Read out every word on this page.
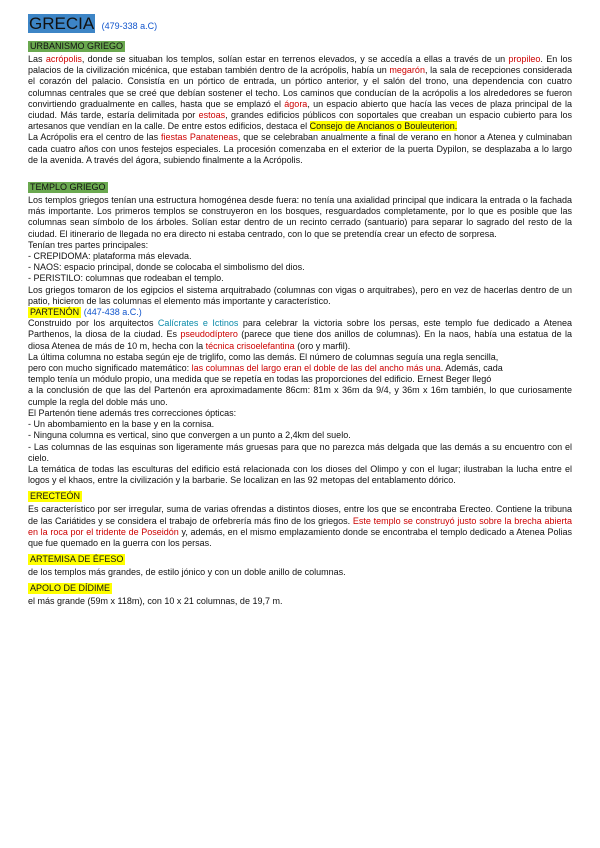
GRECIA (479-338 a.C)
URBANISMO GRIEGO

Las acrópolis, donde se situaban los templos, solían estar en terrenos elevados, y se accedía a ellas a través de un propileo. En los palacios de la civilización micénica, que estaban también dentro de la acrópolis, había un megarón, la sala de recepciones considerada el corazón del palacio. Consistía en un pórtico de entrada, un pórtico anterior, y el salón del trono, una dependencia con cuatro columnas centrales que se creé que debían sostener el techo. Los caminos que conducían de la acrópolis a los alrededores se fueron convirtiendo gradualmente en calles, hasta que se emplazó el ágora, un espacio abierto que hacía las veces de plaza principal de la ciudad. Más tarde, estaría delimitada por estoas, grandes edificios públicos con soportales que creaban un espacio cubierto para los artesanos que vendían en la calle. De entre estos edificios, destaca el Consejo de Ancianos o Bouleuterion.

La Acrópolis era el centro de las fiestas Panateneas, que se celebraban anualmente a final de verano en honor a Atenea y culminaban cada cuatro años con unos festejos especiales. La procesión comenzaba en el exterior de la puerta Dypilon, se desplazaba a lo largo de la avenida. A través del ágora, subiendo finalmente a la Acrópolis.

TEMPLO GRIEGO

Los templos griegos tenían una estructura homogénea desde fuera: no tenía una axialidad principal que indicara la entrada o la fachada más importante. Los primeros templos se construyeron en los bosques, resguardados completamente, por lo que es posible que las columnas sean símbolo de los árboles. Solían estar dentro de un recinto cerrado (santuario) para separar lo sagrado del resto de la ciudad. El itinerario de llegada no era directo ni estaba centrado, con lo que se pretendía crear un efecto de sorpresa.

Tenían tres partes principales:
- CREPIDOMA: plataforma más elevada.
- NAOS: espacio principal, donde se colocaba el simbolismo del dios.
- PERISTILO: columnas que rodeaban el templo.

Los griegos tomaron de los egipcios el sistema arquitrabado (columnas con vigas o arquitrabes), pero en vez de hacerlas dentro de un patio, hicieron de las columnas el elemento más importante y característico.

PARTENÓN (447-438 a.C.)

Construido por los arquitectos Calícrates e Ictinos para celebrar la victoria sobre los persas, este templo fue dedicado a Atenea Parthenos, la diosa de la ciudad. Es pseudodíptero (parece que tiene dos anillos de columnas). En la naos, había una estatua de la diosa Atenea de más de 10 m, hecha con la técnica crisoelefantina (oro y marfil).

La última columna no estaba según eje de triglifo, como las demás. El número de columnas seguía una regla sencilla,
pero con mucho significado matemático: las columnas del largo eran el doble de las del ancho más una. Además, cada
templo tenía un módulo propio, una medida que se repetía en todas las proporciones del edificio. Ernest Beger llegó

a la conclusión de que las del Partenón era aproximadamente 86cm: 81m x 36m da 9/4, y 36m x 16m también, lo que curiosamente cumple la regla del doble más uno.

El Partenón tiene además tres correcciones ópticas:
- Un abombamiento en la base y en la cornisa.
- Ninguna columna es vertical, sino que convergen a un punto a 2,4km del suelo.

- Las columnas de las esquinas son ligeramente más gruesas para que no parezca más delgada que las demás a su encuentro con el cielo.

La temática de todas las esculturas del edificio está relacionada con los dioses del Olimpo y con el lugar; ilustraban la lucha entre el logos y el khaos, entre la civilización y la barbarie. Se localizan en las 92 metopas del entablamento dórico.

ERECTEÓN

Es característico por ser irregular, suma de varias ofrendas a distintos dioses, entre los que se encontraba Erecteo. Contiene la tribuna de las Cariátides y se considera el trabajo de orfebrería más fino de los griegos. Este templo se construyó justo sobre la brecha abierta en la roca por el tridente de Poseidón y, además, en el mismo emplazamiento donde se encontraba el templo dedicado a Atenea Polias que fue quemado en la guerra con los persas.

ARTEMISA DE ÉFESO
de los templos más grandes, de estilo jónico y con un doble anillo de columnas.
APOLO DE DÍDIME
el más grande (59m x 118m), con 10 x 21 columnas, de 19,7 m.
